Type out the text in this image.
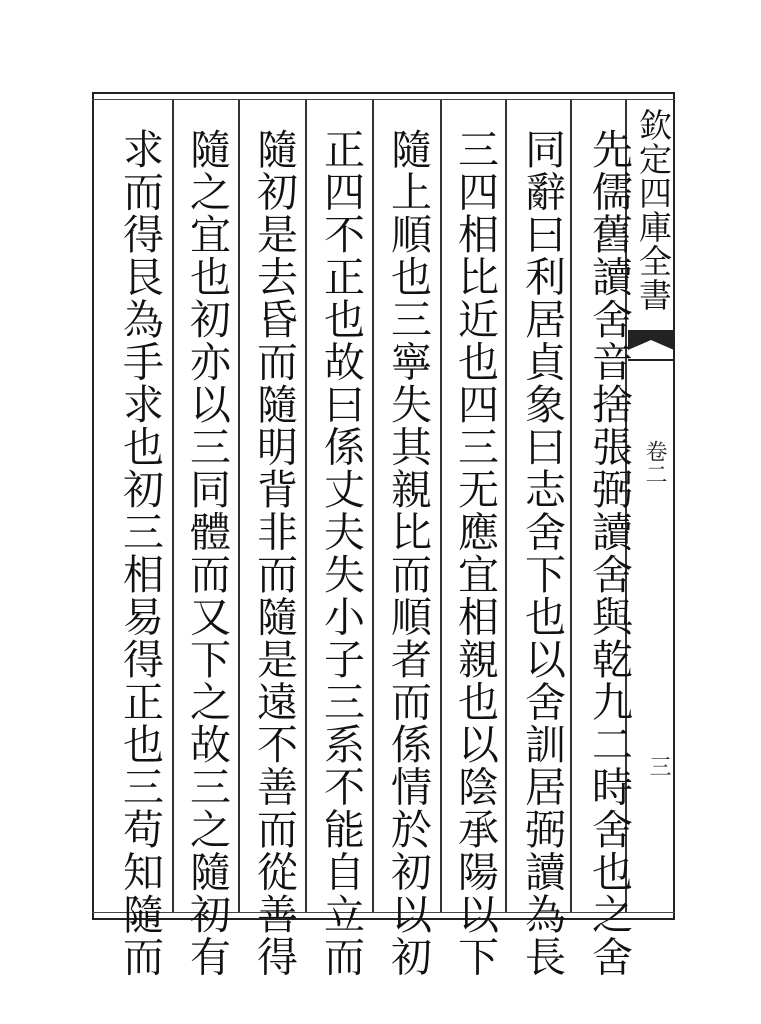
欽定四庫全書
卷二
三
先儒舊讀舍音捨張弼讀舍與乾九二時舍也之舍
同辭曰利居貞象曰志舍下也以舍訓居弼讀為長
三四相比近也四三无應宜相親也以陰承陽以下
隨上順也三寧失其親比而順者而係情於初以初
正四不正也故曰係丈夫失小子三系不能自立而
隨初是去昏而隨明背非而隨是遠不善而從善得
隨之宜也初亦以三同體而又下之故三之隨初有
求而得艮為手求也初三相易得正也三苟知隨而
